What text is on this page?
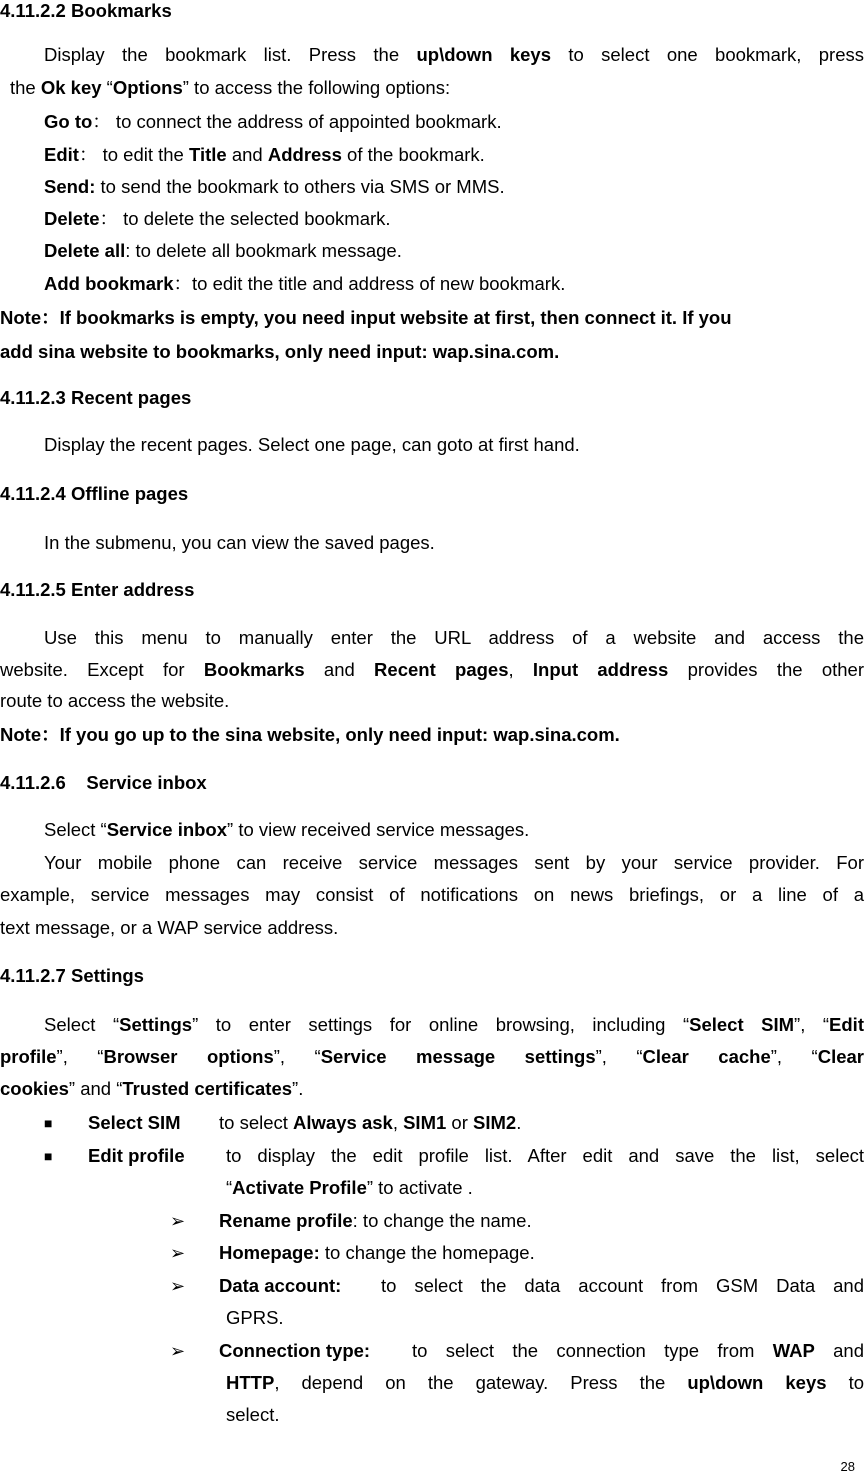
4.11.2.2 Bookmarks
Display the bookmark list. Press the up\down keys to select one bookmark, press
the Ok key “Options” to access the following options:
Go to： to connect the address of appointed bookmark.
Edit： to edit the Title and Address of the bookmark.
Send: to send the bookmark to others via SMS or MMS.
Delete： to delete the selected bookmark.
Delete all: to delete all bookmark message.
Add bookmark：to edit the title and address of new bookmark.
Note：If bookmarks is empty, you need input website at first, then connect it. If you
add sina website to bookmarks, only need input: wap.sina.com.
4.11.2.3 Recent pages
Display the recent pages. Select one page, can goto at first hand.
4.11.2.4 Offline pages
In the submenu, you can view the saved pages.
4.11.2.5 Enter address
Use this menu to manually enter the URL address of a website and access the
website. Except for Bookmarks and Recent pages, Input address provides the other
route to access the website.
Note：If you go up to the sina website, only need input: wap.sina.com.
4.11.2.6    Service inbox
Select “Service inbox” to view received service messages.
Your mobile phone can receive service messages sent by your service provider. For
example, service messages may consist of notifications on news briefings, or a line of a
text message, or a WAP service address.
4.11.2.7 Settings
Select “Settings” to enter settings for online browsing, including “Select SIM”, “Edit
profile”, “Browser options”, “Service message settings”, “Clear cache”, “Clear
cookies” and “Trusted certificates”.
■ Select SIM to select Always ask, SIM1 or SIM2.
■ Edit profile to display the edit profile list. After edit and save the list, select
“Activate Profile” to activate .
➢ Rename profile: to change the name.
➢ Homepage: to change the homepage.
➢ Data account: to select the data account from GSM Data and
GPRS.
➢ Connection type: to select the connection type from WAP and
HTTP, depend on the gateway. Press the up\down keys to
select.
28
